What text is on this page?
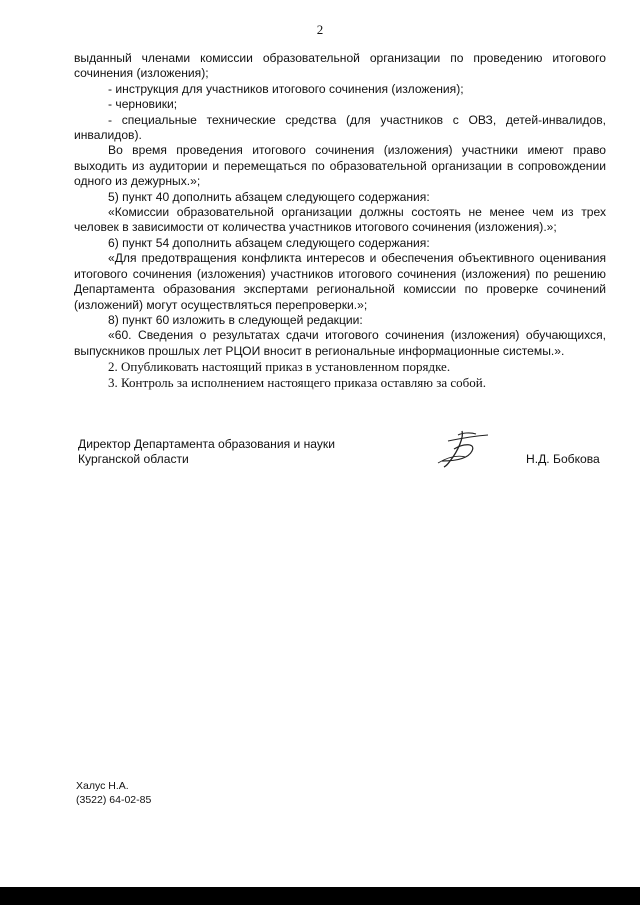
2

выданный членами комиссии образовательной организации по проведению итогового сочинения (изложения);

- инструкция для участников итогового сочинения (изложения);

- черновики;

- специальные технические средства (для участников с ОВЗ, детей-инвалидов, инвалидов).

Во время проведения итогового сочинения (изложения) участники имеют право выходить из аудитории и перемещаться по образовательной организации в сопровождении одного из дежурных.»;

5) пункт 40 дополнить абзацем следующего содержания:

«Комиссии образовательной организации должны состоять не менее чем из трех человек в зависимости от количества участников итогового сочинения (изложения).»;

6) пункт 54 дополнить абзацем следующего содержания:

«Для предотвращения конфликта интересов и обеспечения объективного оценивания итогового сочинения (изложения) участников итогового сочинения (изложения) по решению Департамента образования экспертами региональной комиссии по проверке сочинений (изложений) могут осуществляться перепроверки.»;

8) пункт 60 изложить в следующей редакции:

«60. Сведения о результатах сдачи итогового сочинения (изложения) обучающихся, выпускников прошлых лет РЦОИ вносит в региональные информационные системы.».

2. Опубликовать настоящий приказ в установленном порядке.

3. Контроль за исполнением настоящего приказа оставляю за собой.

Директор Департамента образования и науки
Курганской области	Н.Д. Бобкова
Халус Н.А.
(3522) 64-02-85
